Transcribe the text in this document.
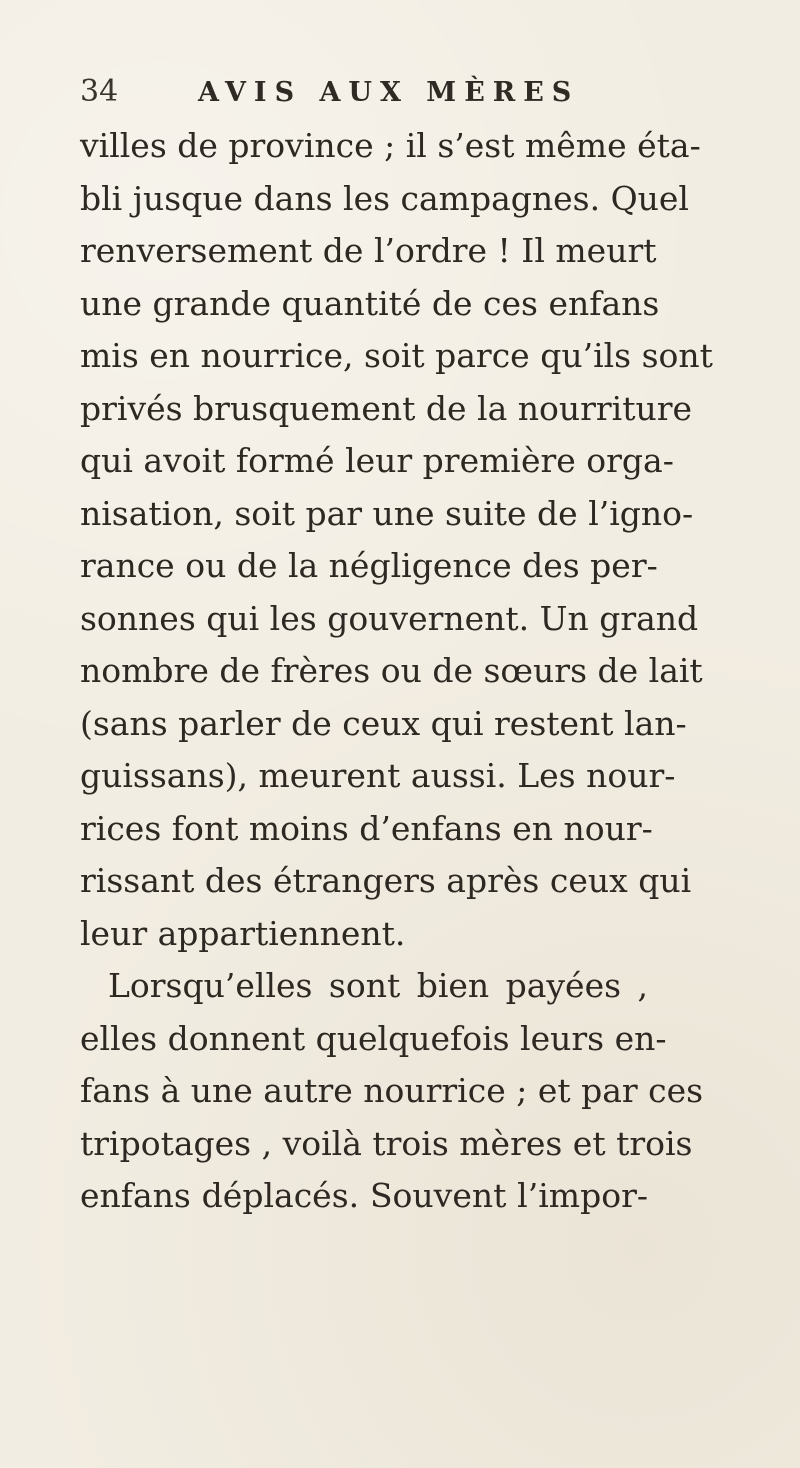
34	AVIS AUX MÈRES
villes de province ; il s’est même éta-
bli jusque dans les campagnes. Quel
renversement de l’ordre ! Il meurt
une grande quantité de ces enfans
mis en nourrice, soit parce qu’ils sont
privés brusquement de la nourriture
qui avoit formé leur première orga-
nisation, soit par une suite de l’igno-
rance ou de la négligence des per-
sonnes qui les gouvernent. Un grand
nombre de frères ou de sœurs de lait
(sans parler de ceux qui restent lan-
guissans), meurent aussi. Les nour-
rices font moins d’enfans en nour-
rissant des étrangers après ceux qui
leur appartiennent.
Lorsqu’elles sont bien payées ,
elles donnent quelquefois leurs en-
fans à une autre nourrice ; et par ces
tripotages , voilà trois mères et trois
enfans déplacés. Souvent l’impor-
